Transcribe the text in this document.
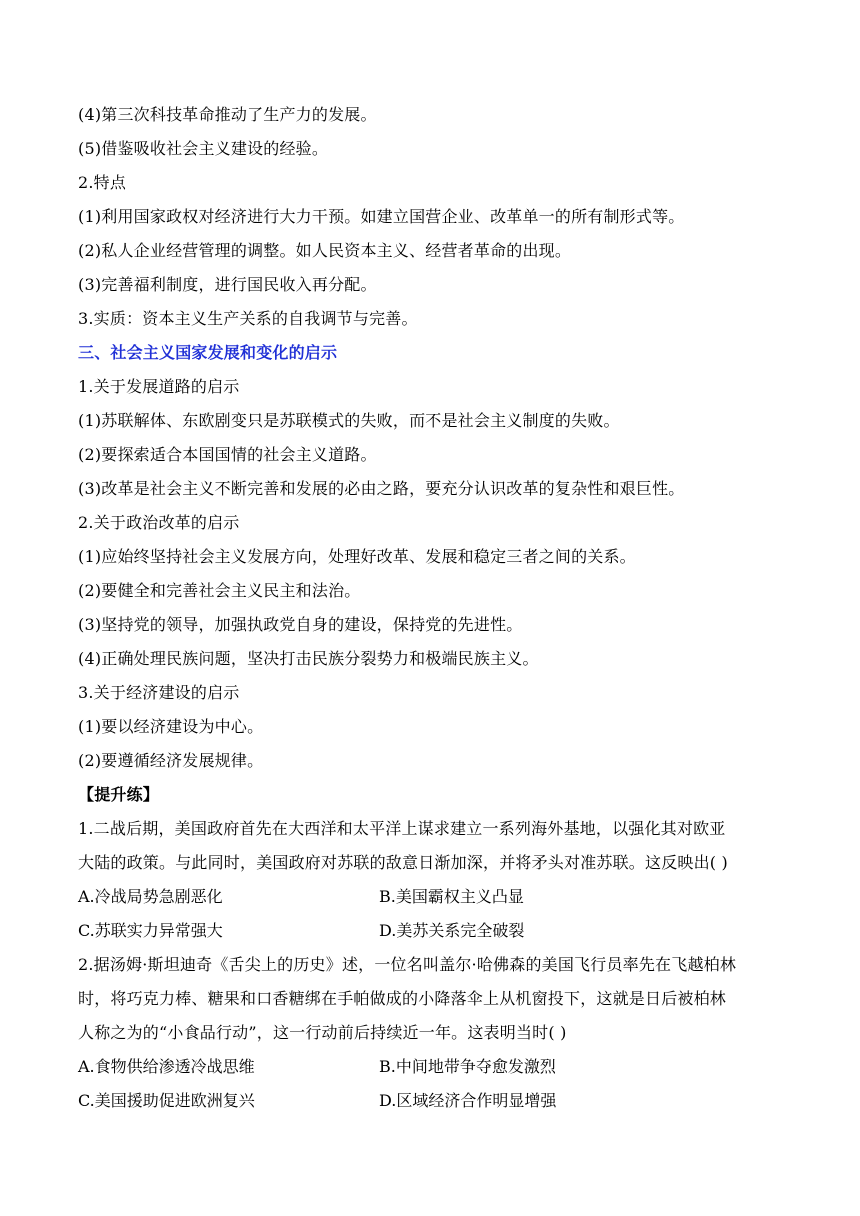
(4)第三次科技革命推动了生产力的发展。
(5)借鉴吸收社会主义建设的经验。
2.特点
(1)利用国家政权对经济进行大力干预。如建立国营企业、改革单一的所有制形式等。
(2)私人企业经营管理的调整。如人民资本主义、经营者革命的出现。
(3)完善福利制度，进行国民收入再分配。
3.实质：资本主义生产关系的自我调节与完善。
三、社会主义国家发展和变化的启示
1.关于发展道路的启示
(1)苏联解体、东欧剧变只是苏联模式的失败，而不是社会主义制度的失败。
(2)要探索适合本国国情的社会主义道路。
(3)改革是社会主义不断完善和发展的必由之路，要充分认识改革的复杂性和艰巨性。
2.关于政治改革的启示
(1)应始终坚持社会主义发展方向，处理好改革、发展和稳定三者之间的关系。
(2)要健全和完善社会主义民主和法治。
(3)坚持党的领导，加强执政党自身的建设，保持党的先进性。
(4)正确处理民族问题，坚决打击民族分裂势力和极端民族主义。
3.关于经济建设的启示
(1)要以经济建设为中心。
(2)要遵循经济发展规律。
【提升练】
1.二战后期，美国政府首先在大西洋和太平洋上谋求建立一系列海外基地，以强化其对欧亚
大陆的政策。与此同时，美国政府对苏联的敌意日渐加深，并将矛头对准苏联。这反映出( )
A.冷战局势急剧恶化	B.美国霸权主义凸显
C.苏联实力异常强大	D.美苏关系完全破裂
2.据汤姆·斯坦迪奇《舌尖上的历史》述，一位名叫盖尔·哈佛森的美国飞行员率先在飞越柏林
时，将巧克力棒、糖果和口香糖绑在手帕做成的小降落伞上从机窗投下，这就是日后被柏林
人称之为的“小食品行动”，这一行动前后持续近一年。这表明当时( )
A.食物供给渗透冷战思维	B.中间地带争夺愈发激烈
C.美国援助促进欧洲复兴	D.区域经济合作明显增强
